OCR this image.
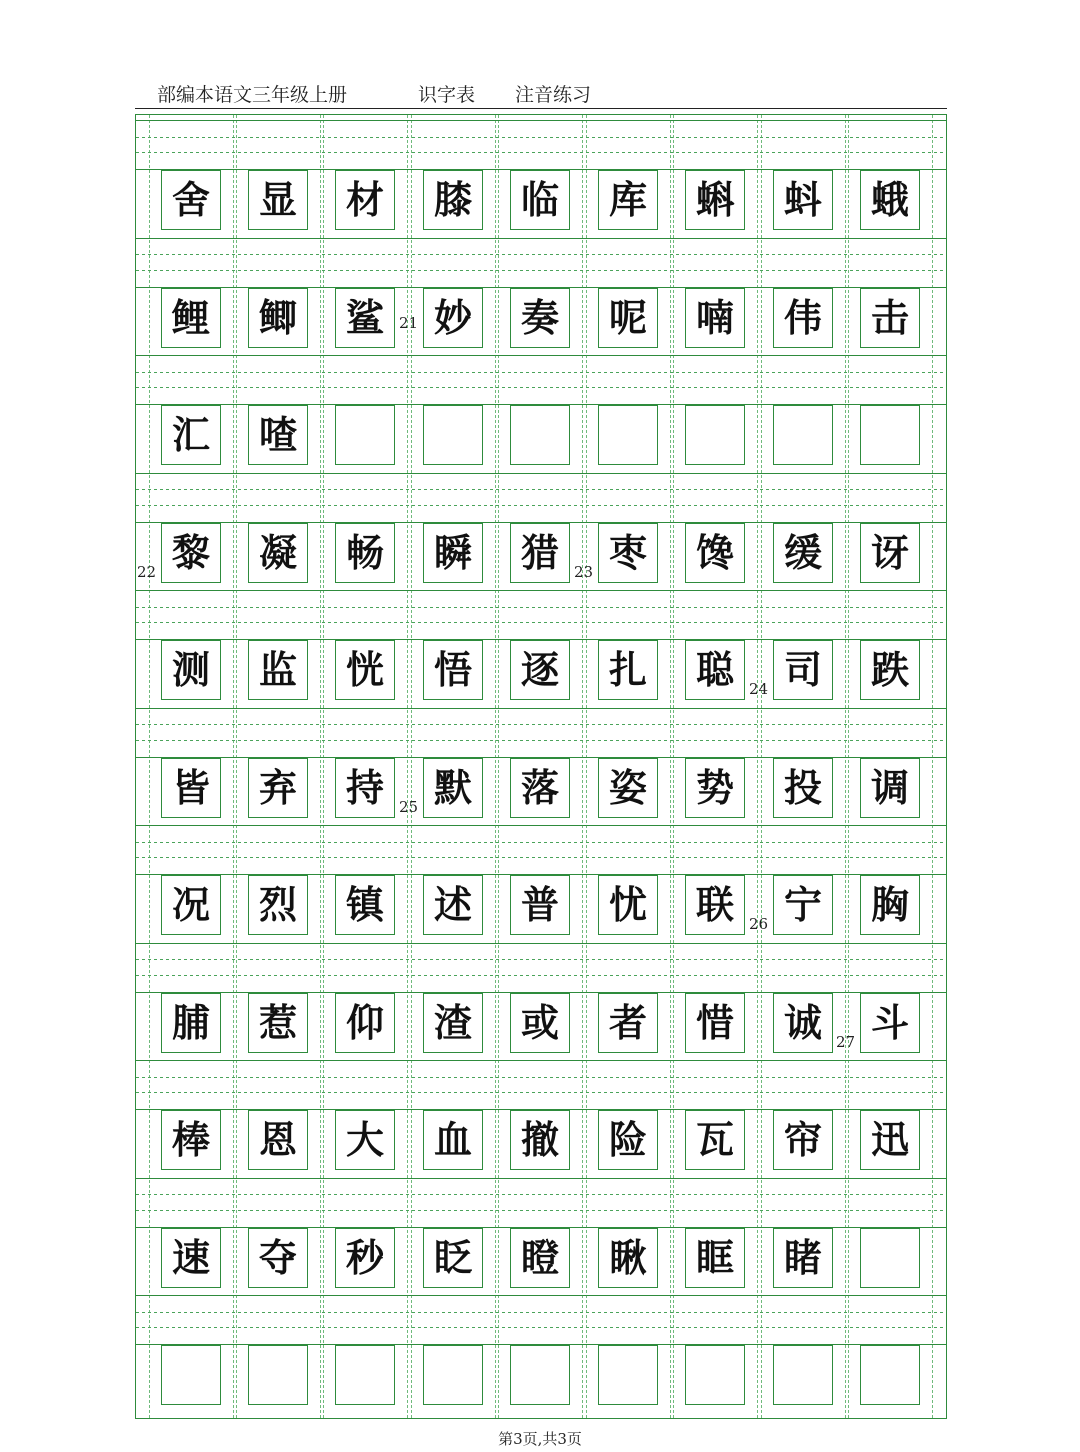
部编本语文三年级上册	识字表 注音练习
舍 显 材 膝 临 库 蝌 蚪 蛾
鲤 鲫 鲨 妙 奏 呢 喃 伟 击
汇 喳
黎 凝 畅 瞬 猎 枣 馋 缓 讶
测 监 恍 悟 逐 扎 聪 司 跌
皆 弃 持 默 落 姿 势 投 调
况 烈 镇 述 普 忧 联 宁 胸
脯 惹 仰 渣 或 者 惜 诚 斗
棒 恩 大 血 撤 险 瓦 帘 迅
速 夺 秒 眨 瞪 瞅 眶 睹
21
22	23
24
25
26
27
第3页,共3页
